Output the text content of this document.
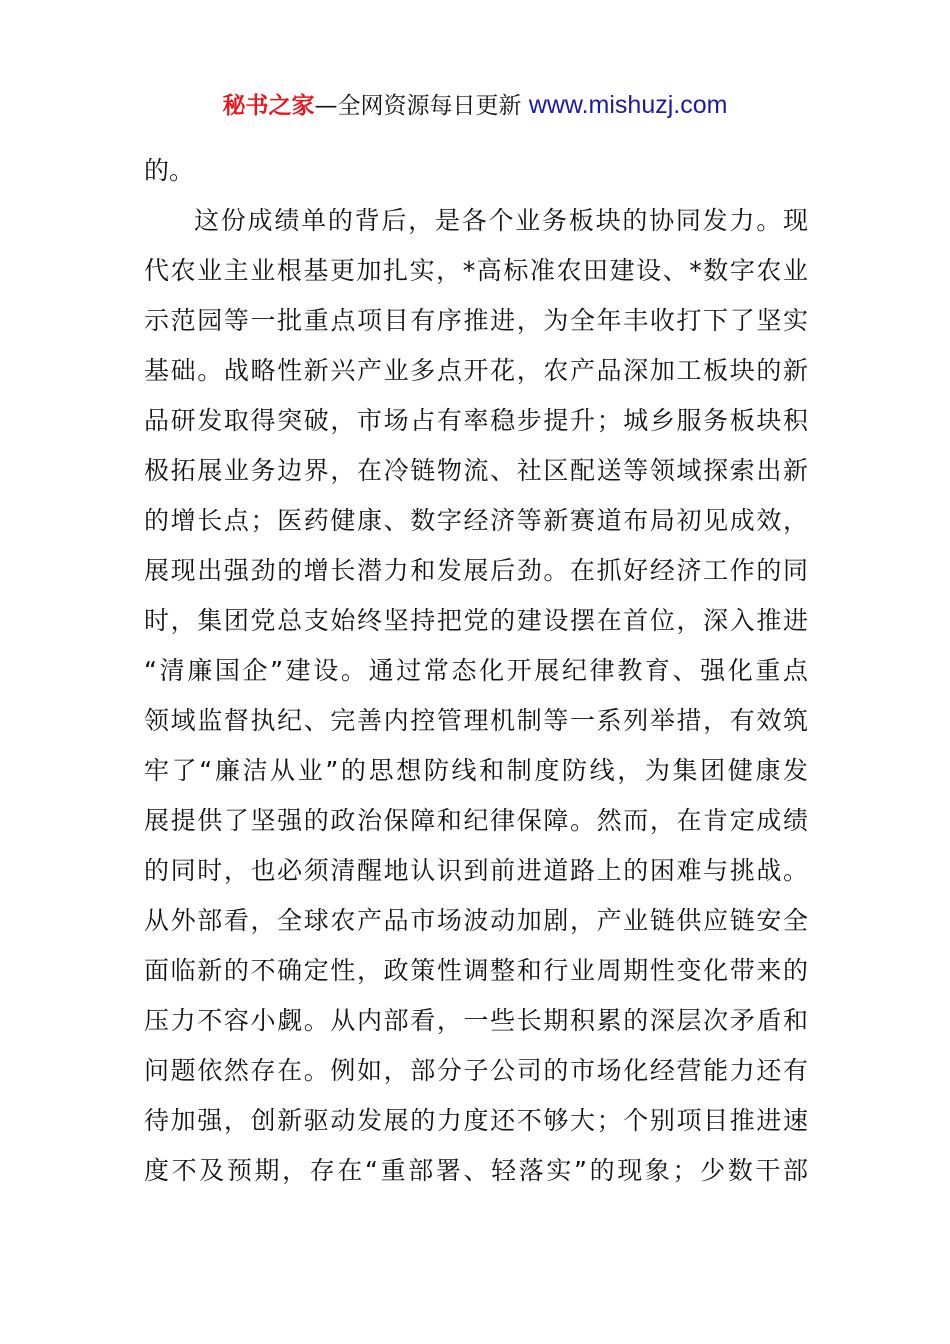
秘书之家—全网资源每日更新 www.mishuzj.com
的。
这份成绩单的背后，是各个业务板块的协同发力。现
代农业主业根基更加扎实，*高标准农田建设、*数字农业
示范园等一批重点项目有序推进，为全年丰收打下了坚实
基础。战略性新兴产业多点开花，农产品深加工板块的新
品研发取得突破，市场占有率稳步提升；城乡服务板块积
极拓展业务边界，在冷链物流、社区配送等领域探索出新
的增长点；医药健康、数字经济等新赛道布局初见成效，
展现出强劲的增长潜力和发展后劲。在抓好经济工作的同
时，集团党总支始终坚持把党的建设摆在首位，深入推进
“清廉国企”建设。通过常态化开展纪律教育、强化重点
领域监督执纪、完善内控管理机制等一系列举措，有效筑
牢了“廉洁从业”的思想防线和制度防线，为集团健康发
展提供了坚强的政治保障和纪律保障。然而，在肯定成绩
的同时，也必须清醒地认识到前进道路上的困难与挑战。
从外部看，全球农产品市场波动加剧，产业链供应链安全
面临新的不确定性，政策性调整和行业周期性变化带来的
压力不容小觑。从内部看，一些长期积累的深层次矛盾和
问题依然存在。例如，部分子公司的市场化经营能力还有
待加强，创新驱动发展的力度还不够大；个别项目推进速
度不及预期，存在“重部署、轻落实”的现象；少数干部
